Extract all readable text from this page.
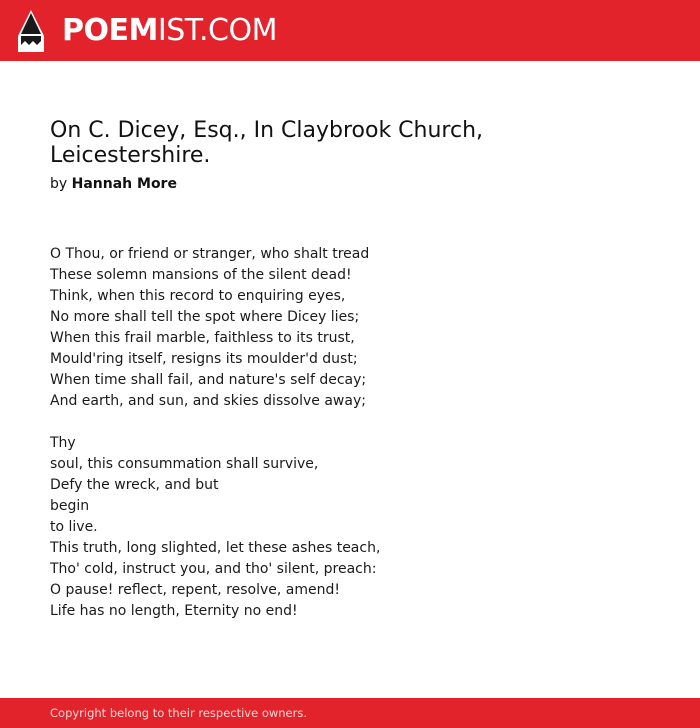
POEMIST.COM
On C. Dicey, Esq., In Claybrook Church, Leicestershire.
by Hannah More
O Thou, or friend or stranger, who shalt tread
These solemn mansions of the silent dead!
Think, when this record to enquiring eyes,
No more shall tell the spot where Dicey lies;
When this frail marble, faithless to its trust,
Mould'ring itself, resigns its moulder'd dust;
When time shall fail, and nature's self decay;
And earth, and sun, and skies dissolve away;
Thy
soul, this consummation shall survive,
Defy the wreck, and but
begin
to live.
This truth, long slighted, let these ashes teach,
Tho' cold, instruct you, and tho' silent, preach:
O pause! reflect, repent, resolve, amend!
Life has no length, Eternity no end!
Copyright belong to their respective owners.
